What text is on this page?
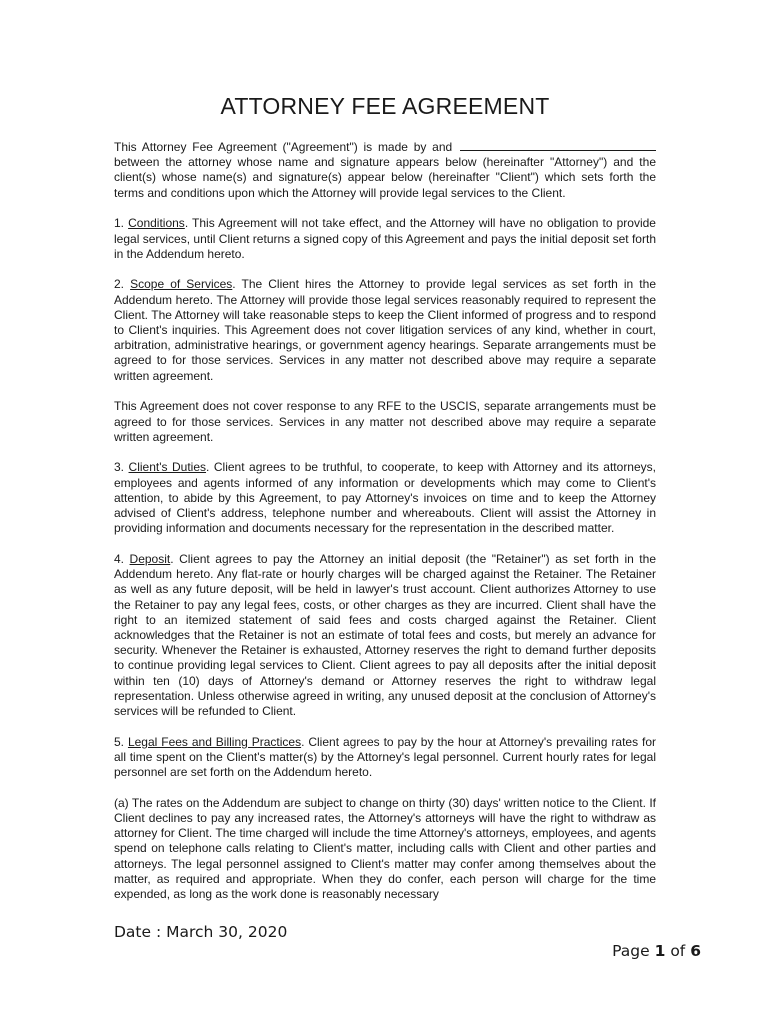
ATTORNEY FEE AGREEMENT

This Attorney Fee Agreement ("Agreement") is made by and  between the attorney whose name and signature appears below (hereinafter "Attorney") and the client(s) whose name(s) and signature(s) appear below (hereinafter "Client") which sets forth the terms and conditions upon which the Attorney will provide legal services to the Client.

1. Conditions. This Agreement will not take effect, and the Attorney will have no obligation to provide legal services, until Client returns a signed copy of this Agreement and pays the initial deposit set forth in the Addendum hereto.

2. Scope of Services. The Client hires the Attorney to provide legal services as set forth in the Addendum hereto. The Attorney will provide those legal services reasonably required to represent the Client. The Attorney will take reasonable steps to keep the Client informed of progress and to respond to Client's inquiries. This Agreement does not cover litigation services of any kind, whether in court, arbitration, administrative hearings, or government agency hearings. Separate arrangements must be agreed to for those services. Services in any matter not described above may require a separate written agreement.

This Agreement does not cover response to any RFE to the USCIS, separate arrangements must be agreed to for those services. Services in any matter not described above may require a separate written agreement.

3. Client's Duties. Client agrees to be truthful, to cooperate, to keep with Attorney and its attorneys, employees and agents informed of any information or developments which may come to Client's attention, to abide by this Agreement, to pay Attorney's invoices on time and to keep the Attorney advised of Client's address, telephone number and whereabouts. Client will assist the Attorney in providing information and documents necessary for the representation in the described matter.

4. Deposit. Client agrees to pay the Attorney an initial deposit (the "Retainer") as set forth in the Addendum hereto. Any flat-rate or hourly charges will be charged against the Retainer. The Retainer as well as any future deposit, will be held in lawyer's trust account. Client authorizes Attorney to use the Retainer to pay any legal fees, costs, or other charges as they are incurred. Client shall have the right to an itemized statement of said fees and costs charged against the Retainer. Client acknowledges that the Retainer is not an estimate of total fees and costs, but merely an advance for security. Whenever the Retainer is exhausted, Attorney reserves the right to demand further deposits to continue providing legal services to Client. Client agrees to pay all deposits after the initial deposit within ten (10) days of Attorney's demand or Attorney reserves the right to withdraw legal representation. Unless otherwise agreed in writing, any unused deposit at the conclusion of Attorney's services will be refunded to Client.

5. Legal Fees and Billing Practices. Client agrees to pay by the hour at Attorney's prevailing rates for all time spent on the Client's matter(s) by the Attorney's legal personnel. Current hourly rates for legal personnel are set forth on the Addendum hereto.

(a) The rates on the Addendum are subject to change on thirty (30) days' written notice to the Client. If Client declines to pay any increased rates, the Attorney's attorneys will have the right to withdraw as attorney for Client. The time charged will include the time Attorney's attorneys, employees, and agents spend on telephone calls relating to Client's matter, including calls with Client and other parties and attorneys. The legal personnel assigned to Client's matter may confer among themselves about the matter, as required and appropriate. When they do confer, each person will charge for the time expended, as long as the work done is reasonably necessary

Date : March 30, 2020
Page 1 of 6
